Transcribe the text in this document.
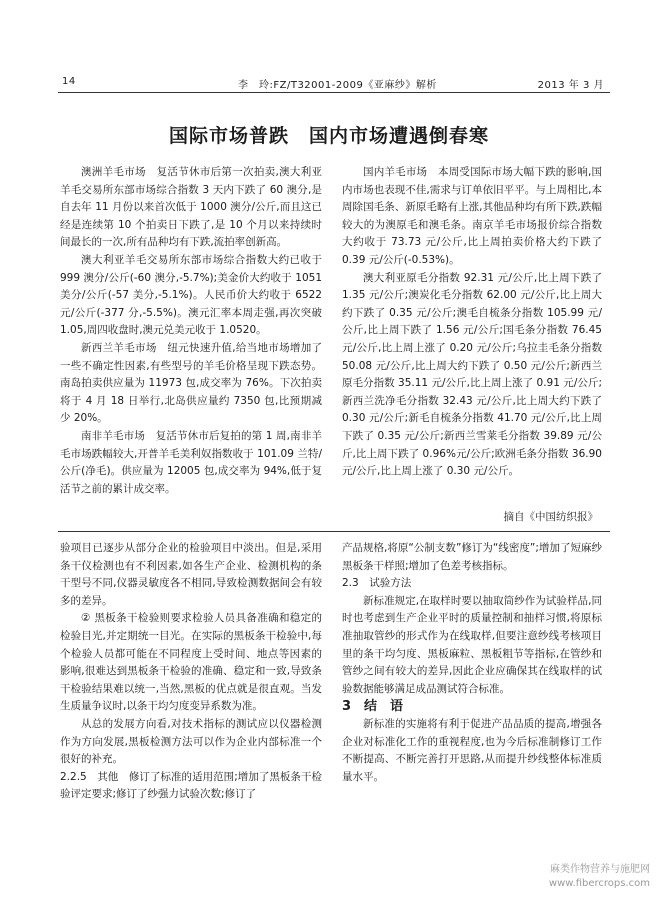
14	李　玲:FZ/T32001-2009《亚麻纱》解析	2013 年 3 月
国际市场普跌　国内市场遭遇倒春寒

澳洲羊毛市场　复活节休市后第一次拍卖,澳大利亚羊毛交易所东部市场综合指数 3 天内下跌了 60 澳分,是自去年 11 月份以来首次低于 1000 澳分/公斤,而且这已经是连续第 10 个拍卖日下跌了,是 10 个月以来持续时间最长的一次,所有品种均有下跌,流拍率创新高。

澳大利亚羊毛交易所东部市场综合指数大约已收于 999 澳分/公斤(-60 澳分,-5.7%);美金价大约收于 1051 美分/公斤(-57 美分,-5.1%)。人民币价大约收于 6522 元/公斤(-377 分,-5.5%)。澳元汇率本周走强,再次突破 1.05,周四收盘时,澳元兑美元收于 1.0520。

新西兰羊毛市场　纽元快速升值,给当地市场增加了一些不确定性因素,有些型号的羊毛价格呈现下跌态势。南岛拍卖供应量为 11973 包,成交率为 76%。下次拍卖将于 4 月 18 日举行,北岛供应量约 7350 包,比预期减少 20%。

南非羊毛市场　复活节休市后复拍的第 1 周,南非羊毛市场跌幅较大,开普羊毛美利奴指数收于 101.09 兰特/公斤(净毛)。供应量为 12005 包,成交率为 94%,低于复活节之前的累计成交率。

国内羊毛市场　本周受国际市场大幅下跌的影响,国内市场也表现不佳,需求与订单依旧平平。与上周相比,本周除国毛条、新原毛略有上涨,其他品种均有所下跌,跌幅较大的为澳原毛和澳毛条。南京羊毛市场报价综合指数大约收于 73.73 元/公斤,比上周拍卖价格大约下跌了 0.39 元/公斤(-0.53%)。

澳大利亚原毛分指数 92.31 元/公斤,比上周下跌了 1.35 元/公斤;澳炭化毛分指数 62.00 元/公斤,比上周大约下跌了 0.35 元/公斤;澳毛自梳条分指数 105.99 元/公斤,比上周下跌了 1.56 元/公斤;国毛条分指数 76.45 元/公斤,比上周上涨了 0.20 元/公斤;乌拉圭毛条分指数 50.08 元/公斤,比上周大约下跌了 0.50 元/公斤;新西兰原毛分指数 35.11 元/公斤,比上周上涨了 0.91 元/公斤;新西兰洗净毛分指数 32.43 元/公斤,比上周大约下跌了 0.30 元/公斤;新毛自梳条分指数 41.70 元/公斤,比上周下跌了 0.35 元/公斤;新西兰雪莱毛分指数 39.89 元/公斤,比上周下跌了 0.96%元/公斤;欧洲毛条分指数 36.90 元/公斤,比上周上涨了 0.30 元/公斤。

摘自《中国纺织报》

验项目已逐步从部分企业的检验项目中淡出。但是,采用条干仪检测也有不利因素,如各生产企业、检测机构的条干型号不同,仪器灵敏度各不相同,导致检测数据间会有较多的差异。

② 黑板条干检验则要求检验人员具备准确和稳定的检验目光,并定期统一目光。在实际的黑板条干检验中,每个检验人员都可能在不同程度上受时间、地点等因素的影响,很难达到黑板条干检验的准确、稳定和一致,导致条干检验结果难以统一,当然,黑板的优点就是很直观。当发生质量争议时,以条干均匀度变异系数为准。

从总的发展方向看,对技术指标的测试应以仪器检测作为方向发展,黑板检测方法可以作为企业内部标准一个很好的补充。

2.2.5　其他　修订了标准的适用范围;增加了黑板条干检验评定要求;修订了纱强力试验次数;修订了

产品规格,将原“公制支数”修订为“线密度”;增加了短麻纱黑板条干样照;增加了色差考核指标。

2.3　试验方法

新标准规定,在取样时要以抽取筒纱作为试验样品,同时也考虑到生产企业平时的质量控制和抽样习惯,将原标准抽取管纱的形式作为在线取样,但要注意纱线考核项目里的条干均匀度、黑板麻粒、黑板粗节等指标,在管纱和管纱之间有较大的差异,因此企业应确保其在线取样的试验数据能够满足成品测试符合标准。

3　结　语

新标准的实施将有利于促进产品品质的提高,增强各企业对标准化工作的重视程度,也为今后标准制修订工作不断提高、不断完善打开思路,从而提升纱线整体标准质量水平。

麻类作物营养与施肥网
www.fibercrops.com
